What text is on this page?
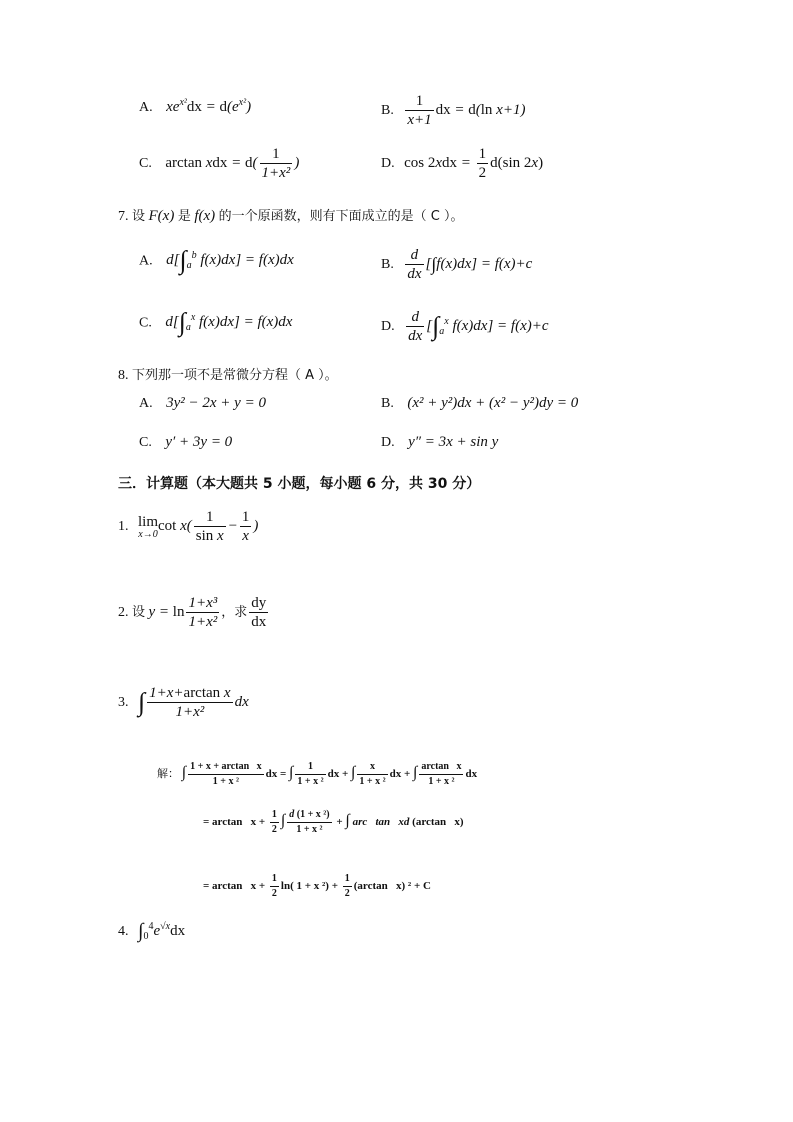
A. $xe^{x^2}dx = d(e^{x^2})$	B. $\frac{1}{x+1}$ dx = d(ln x+1)
C. arctan xdx = $d( \frac{1}{\text{1+x²}}$ )	D. $\cos 2xdx = \frac{1}{2} d(\sin$ 2x)
7. 设 F(x) 是 f(x) 的一个原函数，则有下面成立的是（ C ）。
A. $d[\int_a^b$ f(x)dx] = f(x)dx	B. $\frac{d}{dx} [\int f(x)dx] = f(x)+c$
C. $d[\int_a^x$ f(x)dx] = f(x)dx	D. $\frac{d}{dx} [\int_a^x$ f(x)dx] = f(x)+c
8. 下列那一项不是常微分方程（ A ）。
A. 3y² − 2x + y = 0	B. (x² + y²)dx + (x² − y²)dy = 0
C. y′ + 3y = 0	D. y″ = 3x + sin y
三．计算题（本大题共 5 小题，每小题 6 分，共 30 分）
1. lim
x→0
$\cot x( \frac{1}{\text{sin x}} - \frac{1}{x}$ )
2. 设 $y = \ln \frac{\text{1+x³}}{\text{1+x²}}$ ，求 $\frac{dy}{dx}$
3. ∫ $\frac{\text{1+x+arctan x}}{\text{1+x²}}$ dx
解： ∫ $\frac{\text{1 + x + arctan   x}}{\text{1 + x ²}}$ dx = ∫ $\frac{1}{\text{1 + x ²}}$ dx + ∫ $\frac{x}{\text{1 + x ²}}$ dx + ∫ $\frac{\text{arctan   x}}{\text{1 + x ²}}$ dx
= $\arctan x + \frac{1}{2}$ ∫ $\frac{\text{d (1 + x ²)}}{\text{1 + x ²}}$ + ∫ arc   tan   xd (arctan   x)
= $\arctan x + \frac{1}{2} \ln$( 1 + x $^2) + \frac{1}{2} (\arctan$   x) ² + C
4. $\int_0^4e^{√x}dx$
